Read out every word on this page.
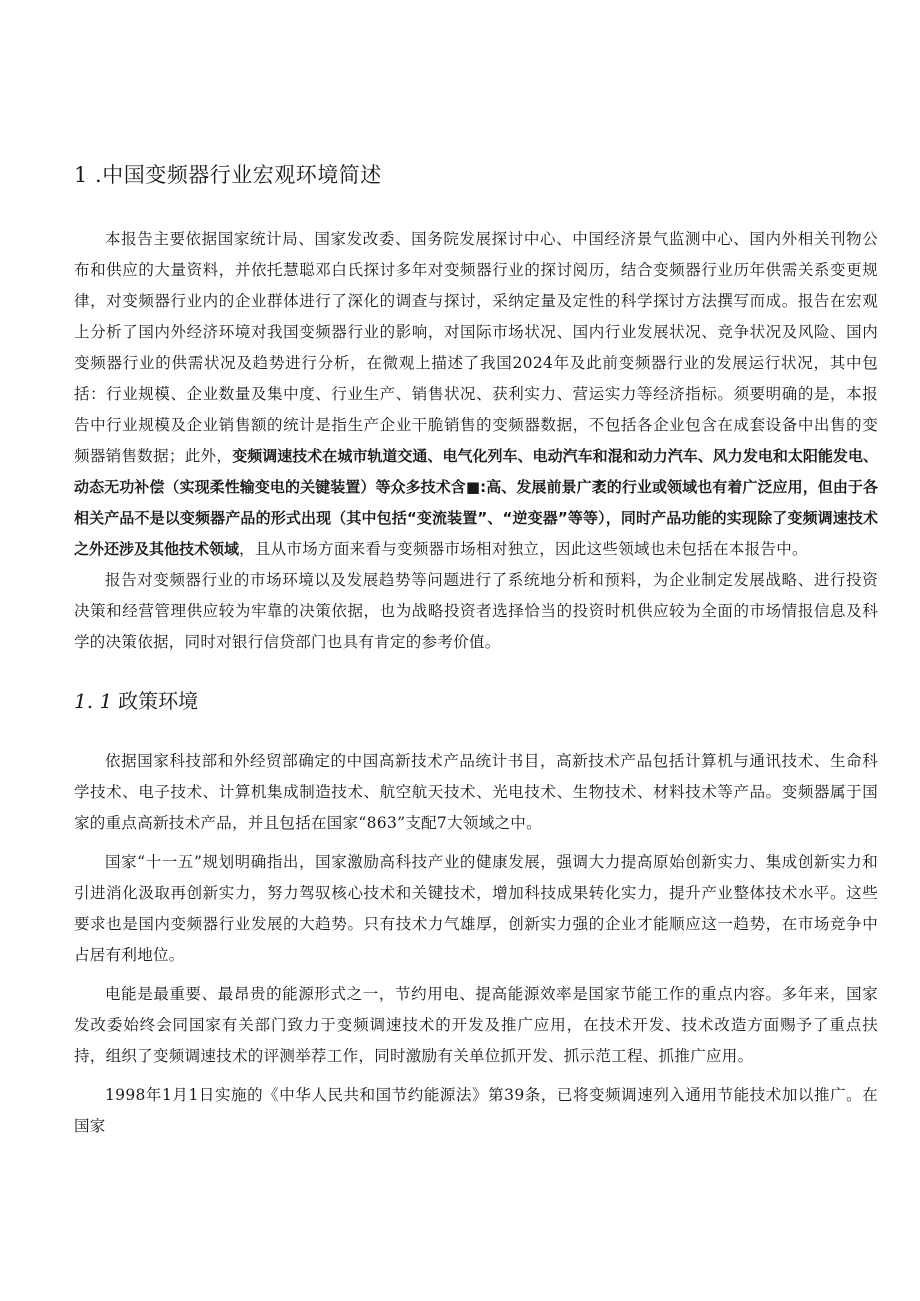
1 .中国变频器行业宏观环境简述

本报告主要依据国家统计局、国家发改委、国务院发展探讨中心、中国经济景气监测中心、国内外相关刊物公布和供应的大量资料，并依托慧聪邓白氏探讨多年对变频器行业的探讨阅历，结合变频器行业历年供需关系变更规律，对变频器行业内的企业群体进行了深化的调查与探讨，采纳定量及定性的科学探讨方法撰写而成。报告在宏观上分析了国内外经济环境对我国变频器行业的影响，对国际市场状况、国内行业发展状况、竞争状况及风险、国内变频器行业的供需状况及趋势进行分析，在微观上描述了我国2024年及此前变频器行业的发展运行状况，其中包括：行业规模、企业数量及集中度、行业生产、销售状况、获利实力、营运实力等经济指标。须要明确的是，本报告中行业规模及企业销售额的统计是指生产企业干脆销售的变频器数据，不包括各企业包含在成套设备中出售的变频器销售数据；此外，变频调速技术在城市轨道交通、电气化列车、电动汽车和混和动力汽车、风力发电和太阳能发电、动态无功补偿（实现柔性输变电的关键装置）等众多技术含■:高、发展前景广袤的行业或领域也有着广泛应用，但由于各相关产品不是以变频器产品的形式出现（其中包括“变流装置”、“逆变器”等等），同时产品功能的实现除了变频调速技术之外还涉及其他技术领域，且从市场方面来看与变频器市场相对独立，因此这些领域也未包括在本报告中。

报告对变频器行业的市场环境以及发展趋势等问题进行了系统地分析和预料，为企业制定发展战略、进行投资决策和经营管理供应较为牢靠的决策依据，也为战略投资者选择恰当的投资时机供应较为全面的市场情报信息及科学的决策依据，同时对银行信贷部门也具有肯定的参考价值。

1. 1 政策环境

依据国家科技部和外经贸部确定的中国高新技术产品统计书目，高新技术产品包括计算机与通讯技术、生命科学技术、电子技术、计算机集成制造技术、航空航天技术、光电技术、生物技术、材料技术等产品。变频器属于国家的重点高新技术产品，并且包括在国家“863”支配7大领域之中。

国家“十一五”规划明确指出，国家激励高科技产业的健康发展，强调大力提高原始创新实力、集成创新实力和引进消化汲取再创新实力，努力驾驭核心技术和关键技术，增加科技成果转化实力，提升产业整体技术水平。这些要求也是国内变频器行业发展的大趋势。只有技术力气雄厚，创新实力强的企业才能顺应这一趋势，在市场竞争中占居有利地位。

电能是最重要、最昂贵的能源形式之一，节约用电、提高能源效率是国家节能工作的重点内容。多年来，国家发改委始终会同国家有关部门致力于变频调速技术的开发及推广应用，在技术开发、技术改造方面赐予了重点扶持，组织了变频调速技术的评测举荐工作，同时激励有关单位抓开发、抓示范工程、抓推广应用。

1998年1月1日实施的《中华人民共和国节约能源法》第39条，已将变频调速列入通用节能技术加以推广。在国家
